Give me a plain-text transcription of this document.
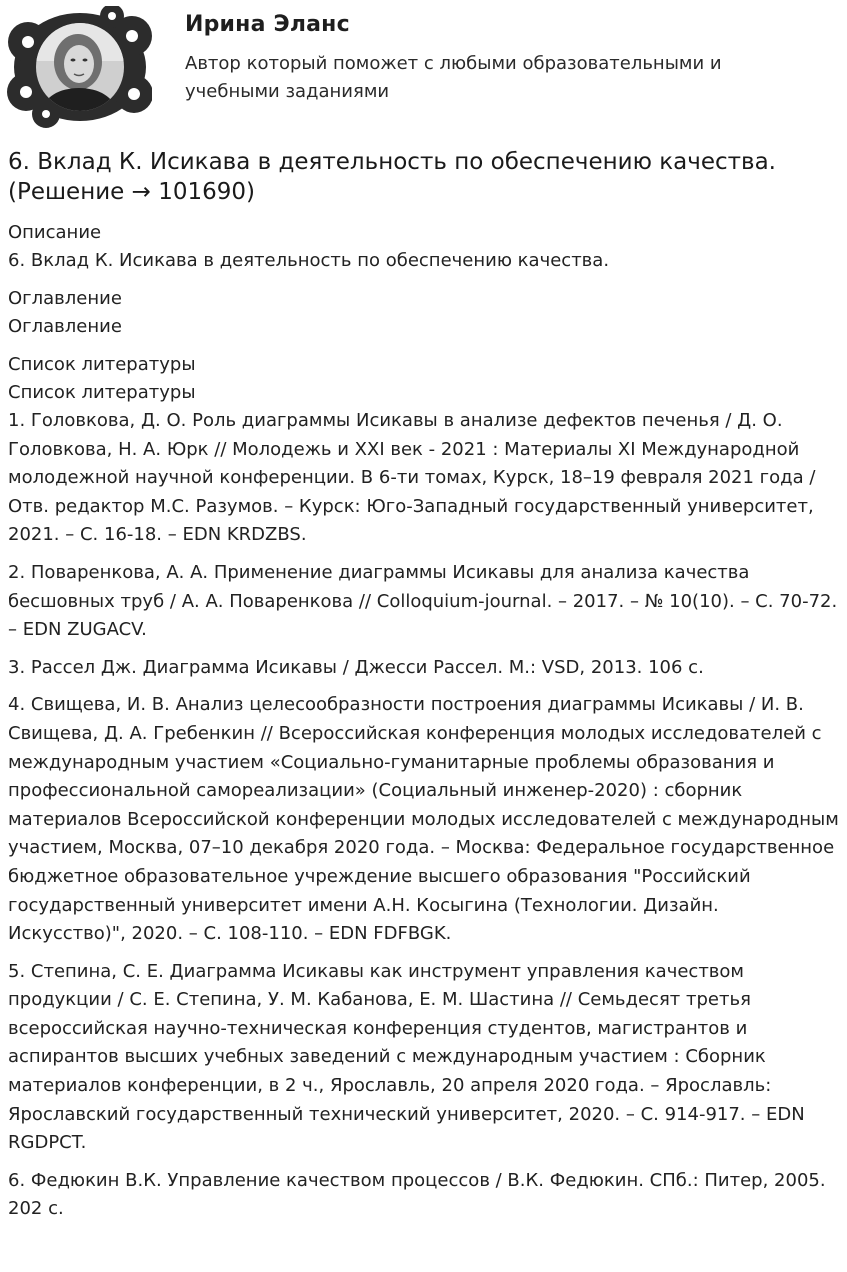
Ирина Эланс
Автор который поможет с любыми образовательными и учебными заданиями
6. Вклад К. Исикава в деятельность по обеспечению качества. (Решение → 101690)
Описание
6. Вклад К. Исикава в деятельность по обеспечению качества.
Оглавление
Оглавление
Список литературы
Список литературы

1. Головкова, Д. О. Роль диаграммы Исикавы в анализе дефектов печенья / Д. О. Головкова, Н. А. Юрк // Молодежь и XXI век - 2021 : Материалы XI Международной молодежной научной конференции. В 6-ти томах, Курск, 18–19 февраля 2021 года / Отв. редактор М.С. Разумов. – Курск: Юго-Западный государственный университет, 2021. – С. 16-18. – EDN KRDZBS.

2. Поваренкова, А. А. Применение диаграммы Исикавы для анализа качества бесшовных труб / А. А. Поваренкова // Colloquium-journal. – 2017. – № 10(10). – С. 70-72. – EDN ZUGACV.

3. Рассел Дж. Диаграмма Исикавы / Джесси Рассел. М.: VSD, 2013. 106 с.

4. Свищева, И. В. Анализ целесообразности построения диаграммы Исикавы / И. В. Свищева, Д. А. Гребенкин // Всероссийская конференция молодых исследователей с международным участием «Социально-гуманитарные проблемы образования и профессиональной самореализации» (Социальный инженер-2020) : сборник материалов Всероссийской конференции молодых исследователей с международным участием, Москва, 07–10 декабря 2020 года. – Москва: Федеральное государственное бюджетное образовательное учреждение высшего образования "Российский государственный университет имени А.Н. Косыгина (Технологии. Дизайн. Искусство)", 2020. – С. 108-110. – EDN FDFBGK.

5. Степина, С. Е. Диаграмма Исикавы как инструмент управления качеством продукции / С. Е. Степина, У. М. Кабанова, Е. М. Шастина // Семьдесят третья всероссийская научно-техническая конференция студентов, магистрантов и аспирантов высших учебных заведений с международным участием : Сборник материалов конференции, в 2 ч., Ярославль, 20 апреля 2020 года. – Ярославль: Ярославский государственный технический университет, 2020. – С. 914-917. – EDN RGDPCT.

6. Федюкин В.К. Управление качеством процессов / В.К. Федюкин. СПб.: Питер, 2005. 202 с.
